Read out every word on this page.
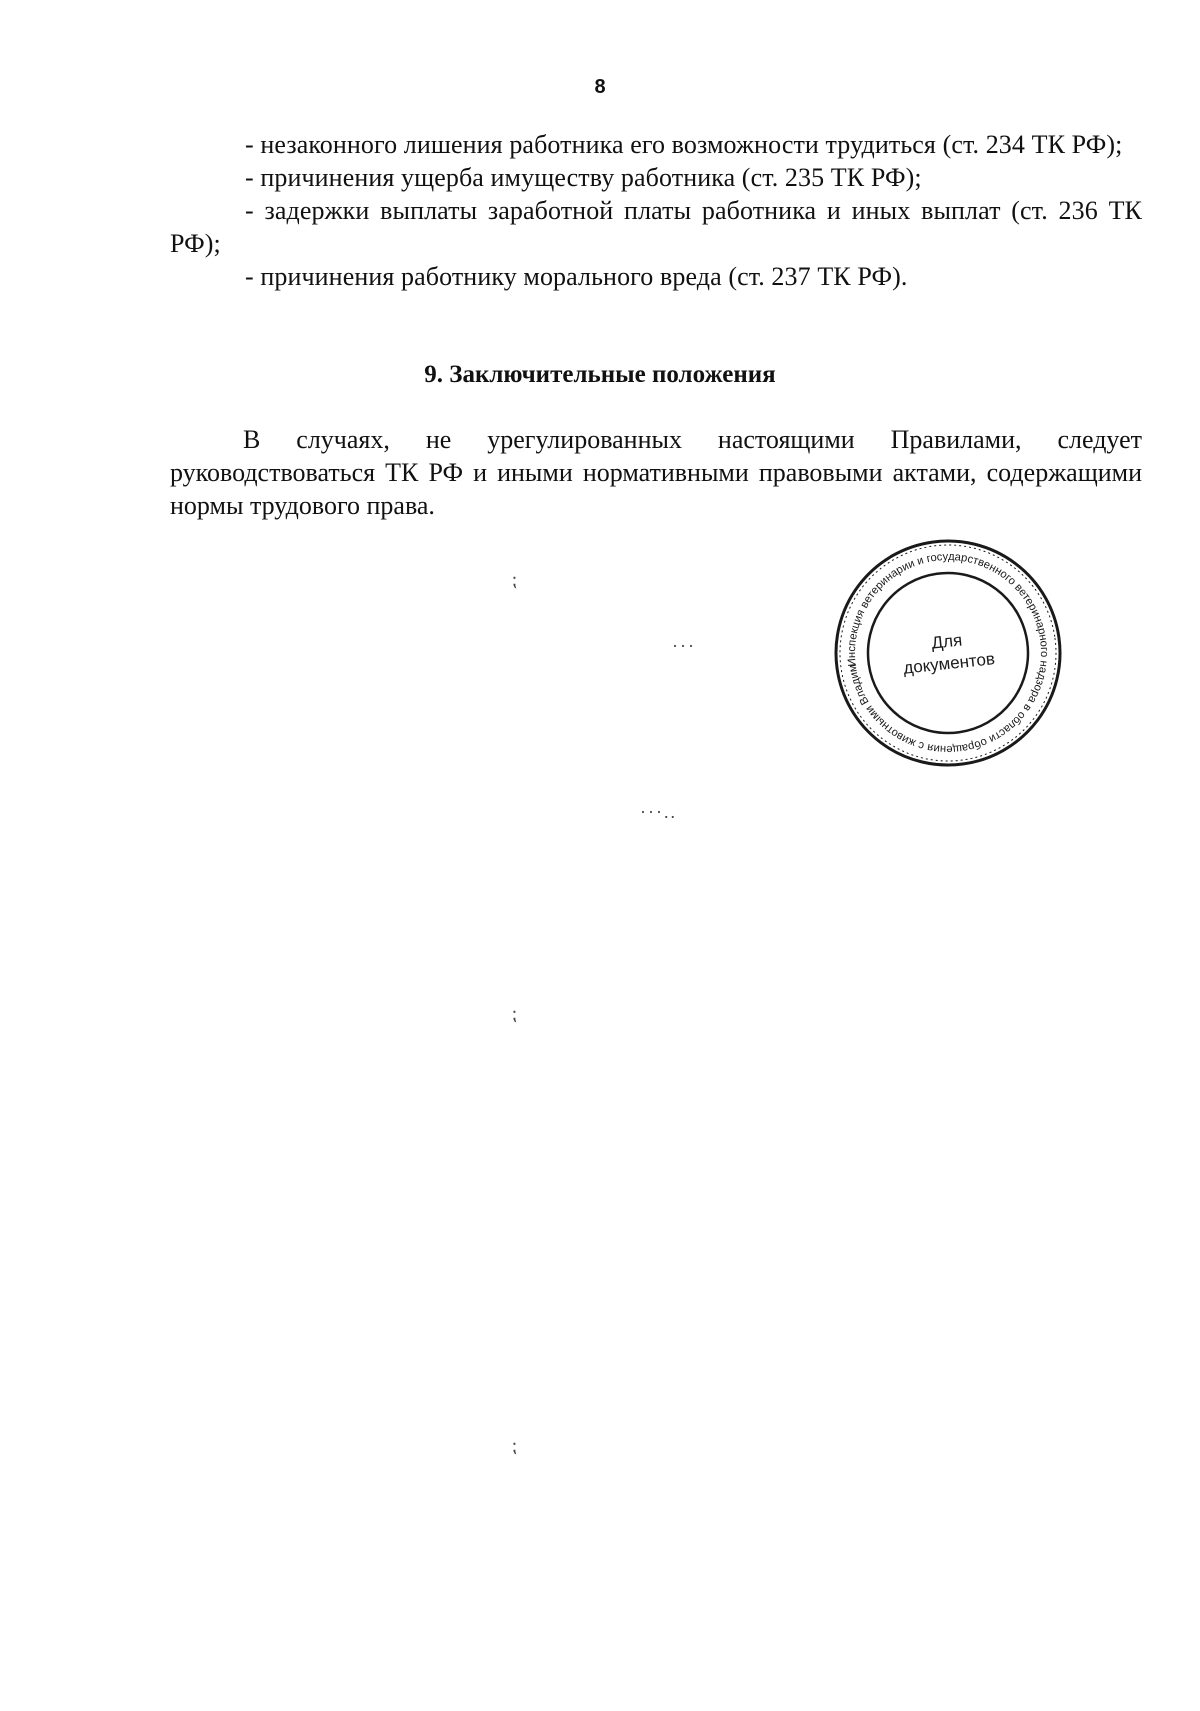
8

- незаконного лишения работника его возможности трудиться (ст. 234 ТК РФ);

- причинения ущерба имуществу работника (ст. 235 ТК РФ);

- задержки выплаты заработной платы работника и иных выплат (ст. 236 ТК РФ);

- причинения работнику морального вреда (ст. 237 ТК РФ).

9. Заключительные положения

В случаях, не урегулированных настоящими Правилами, следует руководствоваться ТК РФ и иными нормативными правовыми актами, содержащими нормы трудового права.

⁏
···
···..
⁏
⁏
Инспекция ветеринарии и государственного ветеринарного надзора в области обращения с животными Владимирской
Для
документов
